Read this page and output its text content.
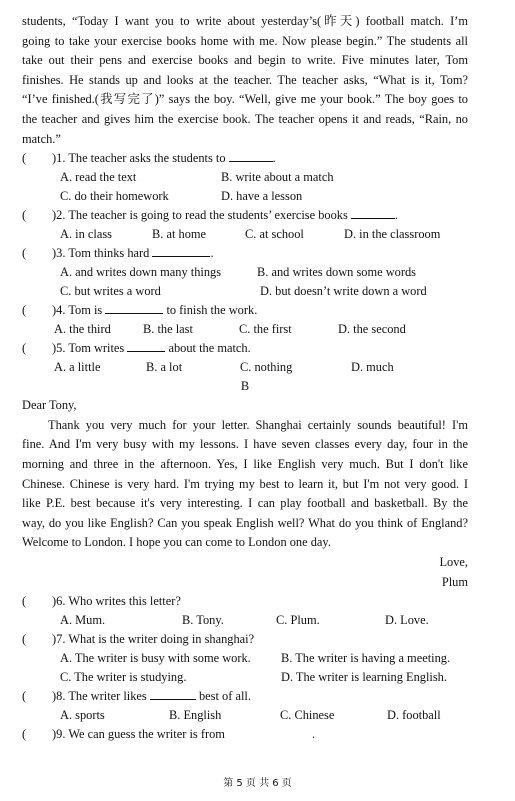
students, “Today I want you to write about yesterday’s(昨天) football match. I’m
going to take your exercise books home with me. Now please begin.” The students all
take out their pens and exercise books and begin to write. Five minutes later, Tom
finishes. He stands up and looks at the teacher. The teacher asks, “What is it, Tom?
“I’ve finished.(我写完了)” says the boy. “Well, give me your book.” The boy goes to
the teacher and gives him the exercise book. The teacher opens it and reads, “Rain, no
match.”
( )1. The teacher asks the students to	.
A. read the text	B. write about a match
C. do their homework	D. have a lesson
( )2. The teacher is going to read the students’ exercise books	.
A. in class	B. at home	C. at school	D. in the classroom
( )3. Tom thinks hard	.
A. and writes down many things	B. and writes down some words
C. but writes a word	D. but doesn’t write down a word
( )4. Tom is	to finish the work.
A. the third	B. the last	C. the first	D. the second
( )5. Tom writes	about the match.
A. a little	B. a lot	C. nothing	D. much
B
Dear Tony,
Thank you very much for your letter. Shanghai certainly sounds beautiful! I'm
fine. And I'm very busy with my lessons. I have seven classes every day, four in the
morning and three in the afternoon. Yes, I like English very much. But I don't like
Chinese. Chinese is very hard. I'm trying my best to learn it, but I'm not very good. I
like P.E. best because it's very interesting. I can play football and basketball. By the
way, do you like English? Can you speak English well? What do you think of England?
Welcome to London. I hope you can come to London one day.
Love,
Plum
( )6. Who writes this letter?
A. Mum.	B. Tony.	C. Plum.	D. Love.
( )7. What is the writer doing in shanghai?
A. The writer is busy with some work. B. The writer is having a meeting.
C. The writer is studying.	D. The writer is learning English.
( )8. The writer likes	best of all.
A. sports	B. English	C. Chinese	D. football
( )9. We can guess the writer is from	.
第 5 页 共 6 页
